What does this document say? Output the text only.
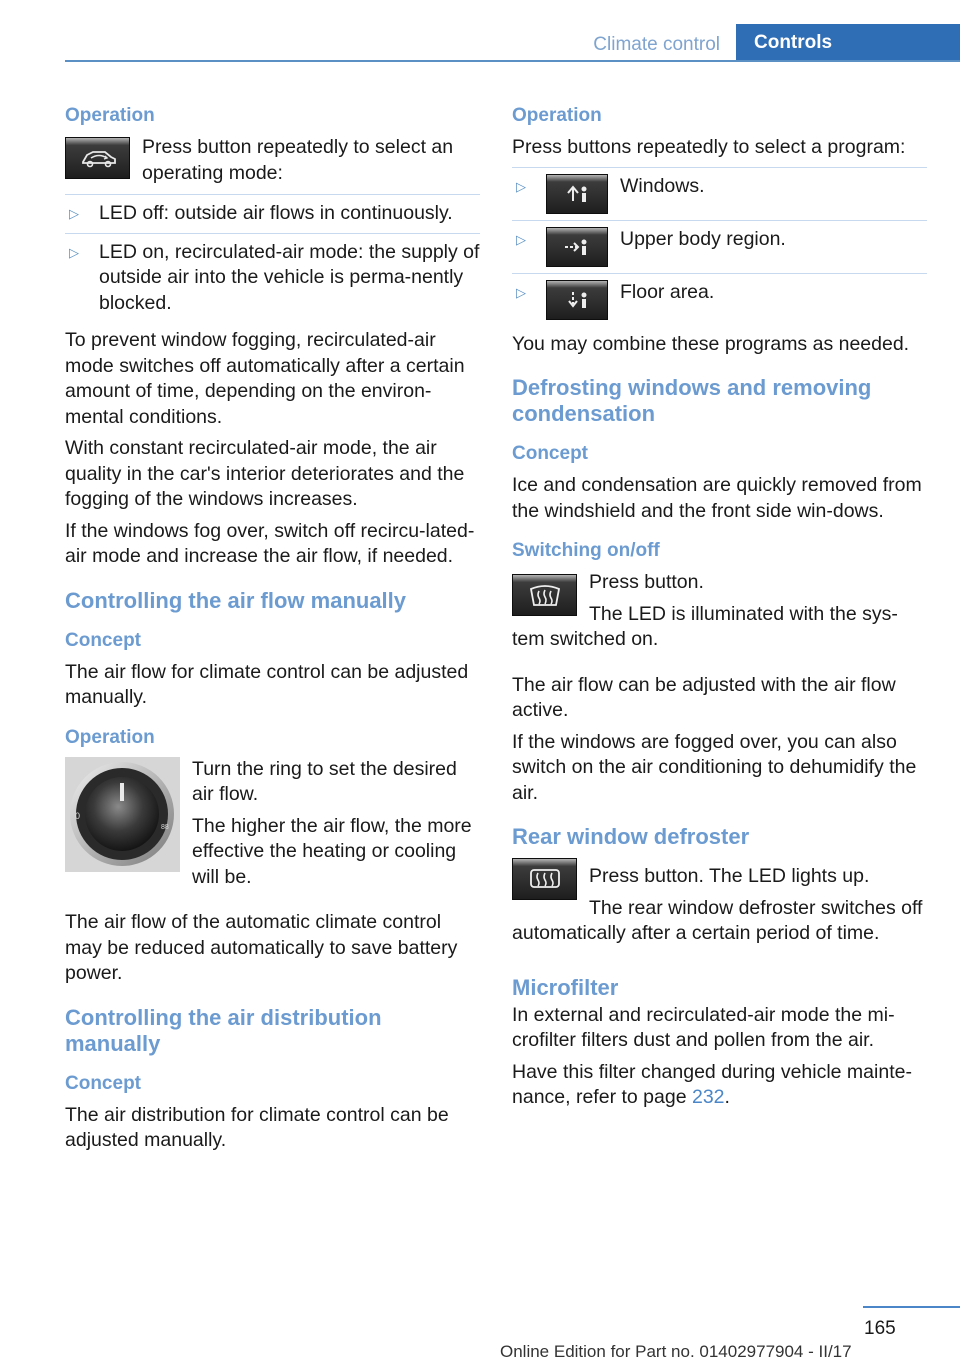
Climate control	Controls
Operation
Press button repeatedly to select an operating mode:
▷ LED off: outside air flows in continuously.
▷ LED on, recirculated-air mode: the supply of outside air into the vehicle is perma-nently blocked.

To prevent window fogging, recirculated-air mode switches off automatically after a certain amount of time, depending on the environ-mental conditions.

With constant recirculated-air mode, the air quality in the car's interior deteriorates and the fogging of the windows increases.

If the windows fog over, switch off recircu-lated-air mode and increase the air flow, if needed.

Controlling the air flow manually
Concept

The air flow for climate control can be adjusted manually.

Operation
0
88

Turn the ring to set the desired air flow.

The higher the air flow, the more effective the heating or cooling will be.

The air flow of the automatic climate control may be reduced automatically to save battery power.

Controlling the air distribution manually
Concept

The air distribution for climate control can be adjusted manually.

Operation

Press buttons repeatedly to select a program:

▷	Windows.
▷	Upper body region.
▷	Floor area.

You may combine these programs as needed.

Defrosting windows and removing condensation
Concept

Ice and condensation are quickly removed from the windshield and the front side win-dows.

Switching on/off

Press button.

The LED is illuminated with the sys-tem switched on.

The air flow can be adjusted with the air flow active.

If the windows are fogged over, you can also switch on the air conditioning to dehumidify the air.

Rear window defroster

Press button. The LED lights up.

The rear window defroster switches off automatically after a certain period of time.

Microfilter

In external and recirculated-air mode the mi-crofilter filters dust and pollen from the air.

Have this filter changed during vehicle mainte-nance, refer to page 232.

165
Online Edition for Part no. 01402977904 - II/17
